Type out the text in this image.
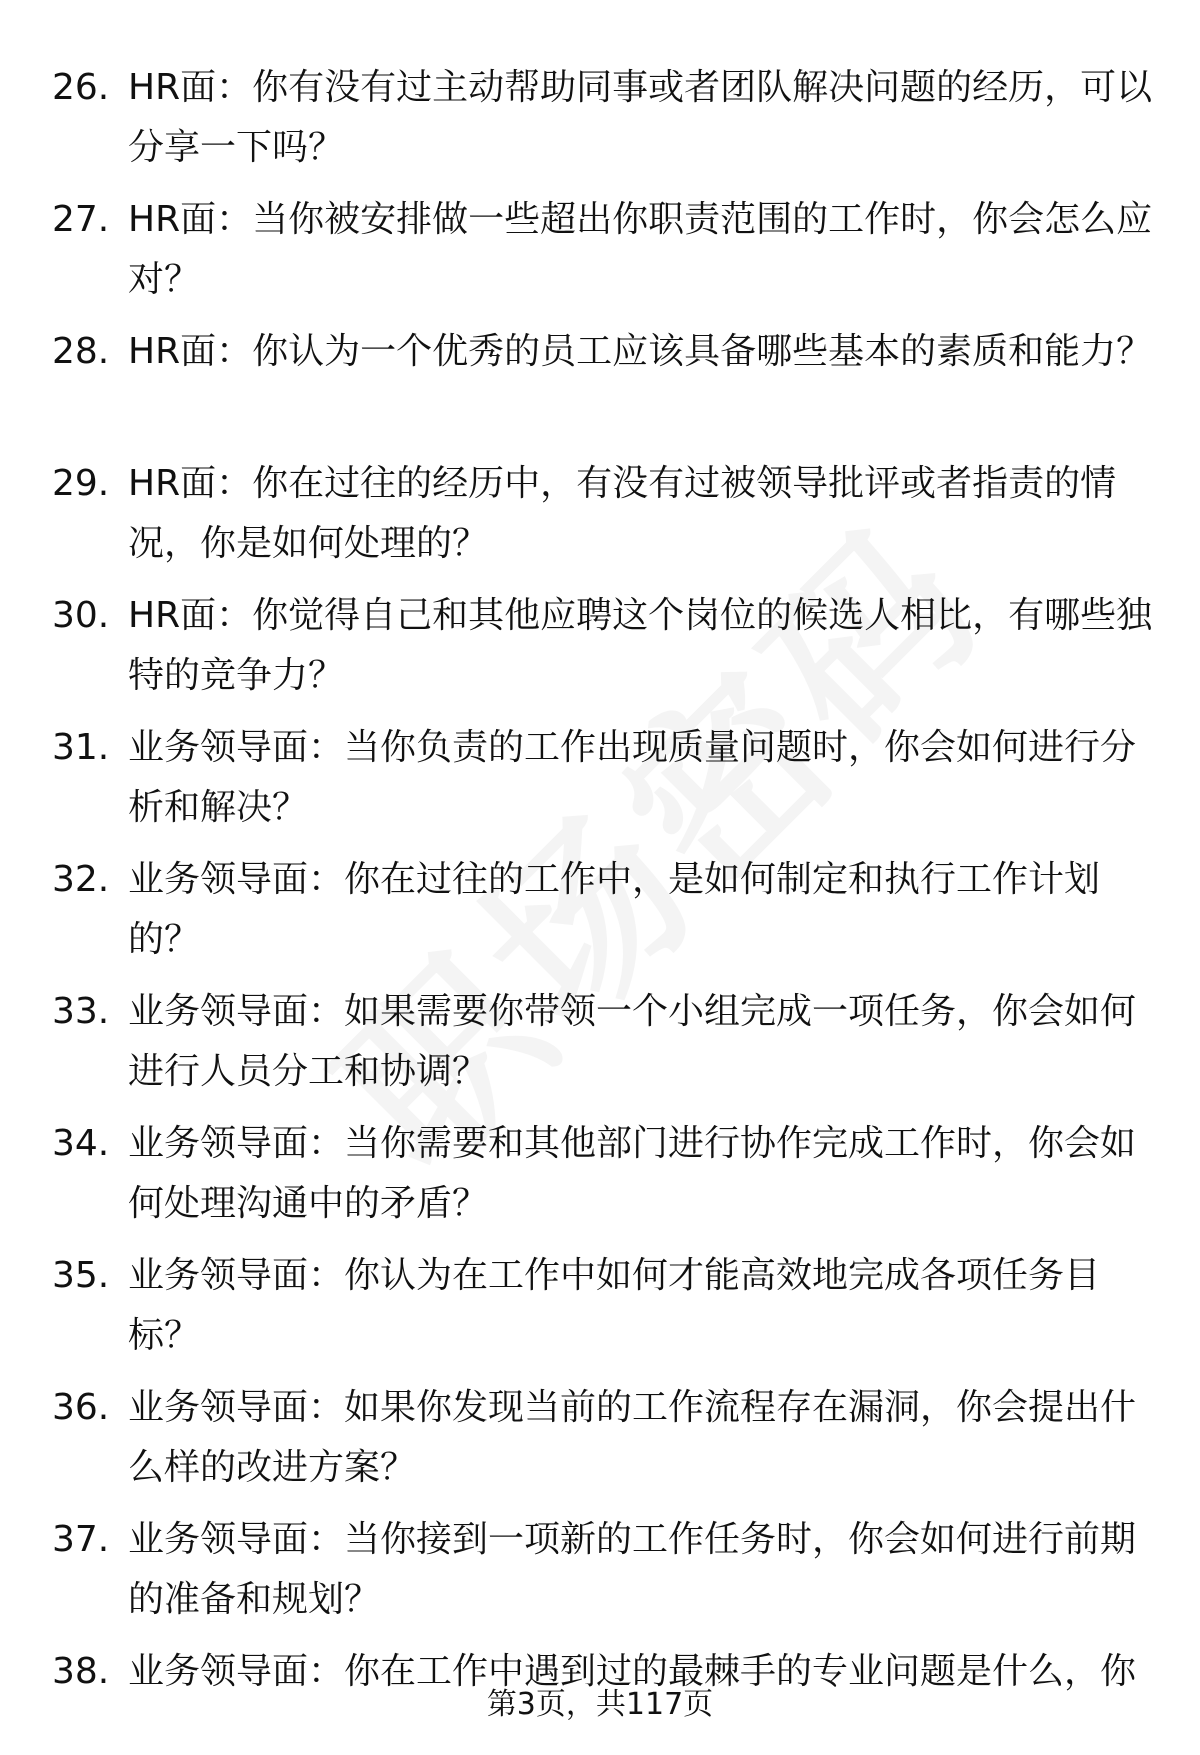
26. HR面：你有没有过主动帮助同事或者团队解决问题的经历，可以分享一下吗？
27. HR面：当你被安排做一些超出你职责范围的工作时，你会怎么应对？
28. HR面：你认为一个优秀的员工应该具备哪些基本的素质和能力？
29. HR面：你在过往的经历中，有没有过被领导批评或者指责的情况，你是如何处理的？
30. HR面：你觉得自己和其他应聘这个岗位的候选人相比，有哪些独特的竞争力？
31. 业务领导面：当你负责的工作出现质量问题时，你会如何进行分析和解决？
32. 业务领导面：你在过往的工作中，是如何制定和执行工作计划的？
33. 业务领导面：如果需要你带领一个小组完成一项任务，你会如何进行人员分工和协调？
34. 业务领导面：当你需要和其他部门进行协作完成工作时，你会如何处理沟通中的矛盾？
35. 业务领导面：你认为在工作中如何才能高效地完成各项任务目标？
36. 业务领导面：如果你发现当前的工作流程存在漏洞，你会提出什么样的改进方案？
37. 业务领导面：当你接到一项新的工作任务时，你会如何进行前期的准备和规划？
38. 业务领导面：你在工作中遇到过的最棘手的专业问题是什么，你
第3页，共117页
